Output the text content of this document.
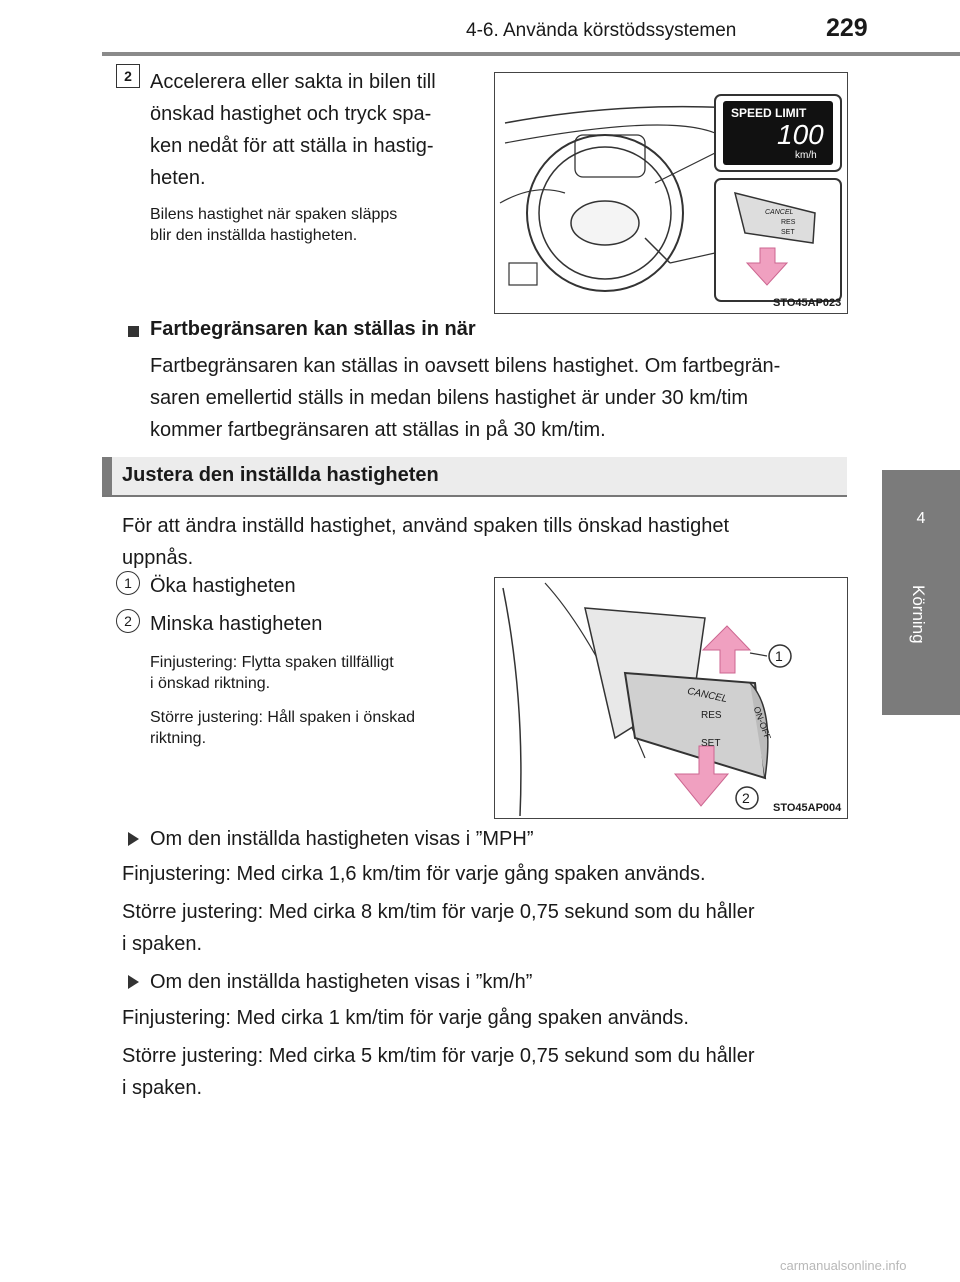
4-6. Använda körstödssystemen	229
4
Körning
2 Accelerera eller sakta in bilen till
önskad hastighet och tryck spa-
ken nedåt för att ställa in hastig-
heten.
Bilens hastighet när spaken släpps
blir den inställda hastigheten.
SPEED LIMIT
100
km/h
CANCEL
RES
SET
STO45AP023
Fartbegränsaren kan ställas in när
Fartbegränsaren kan ställas in oavsett bilens hastighet. Om fartbegrän-
saren emellertid ställs in medan bilens hastighet är under 30 km/tim
kommer fartbegränsaren att ställas in på 30 km/tim.
Justera den inställda hastigheten
För att ändra inställd hastighet, använd spaken tills önskad hastighet
uppnås.
1 Öka hastigheten
2 Minska hastigheten
Finjustering: Flytta spaken tillfälligt
i önskad riktning.
Större justering: Håll spaken i önskad
riktning.
1
2
CANCEL
RES
SET
ON-OFF
STO45AP004
Om den inställda hastigheten visas i ”MPH”
Finjustering: Med cirka 1,6 km/tim för varje gång spaken används.
Större justering: Med cirka 8 km/tim för varje 0,75 sekund som du håller
i spaken.
Om den inställda hastigheten visas i ”km/h”
Finjustering: Med cirka 1 km/tim för varje gång spaken används.
Större justering: Med cirka 5 km/tim för varje 0,75 sekund som du håller
i spaken.
carmanualsonline.info
